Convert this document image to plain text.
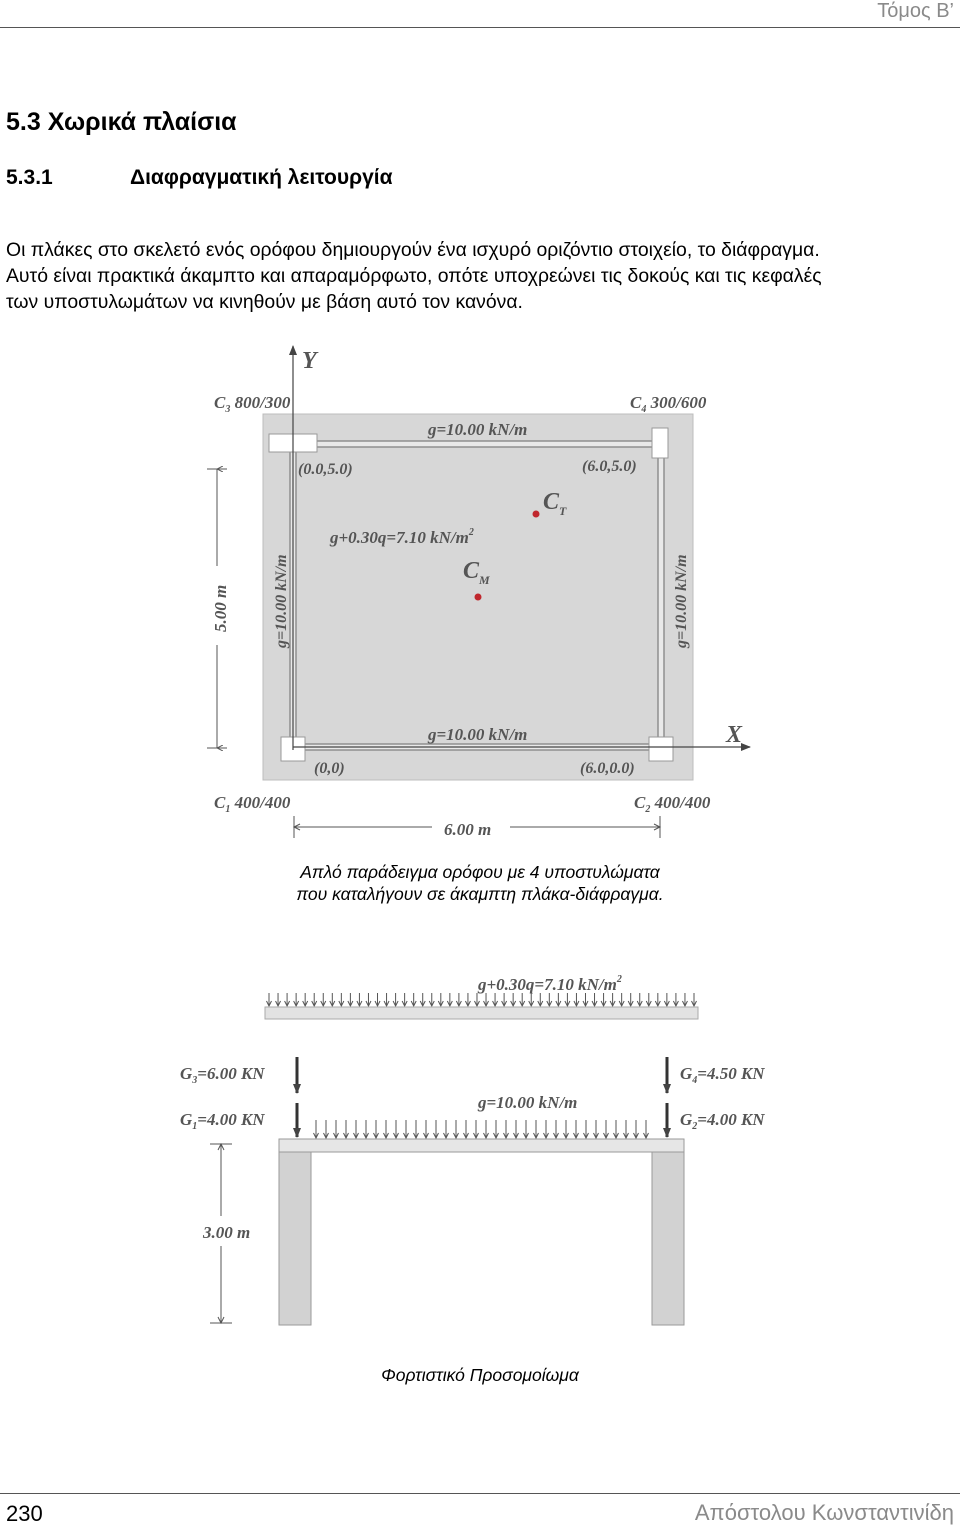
Τόμος Β’
5.3 Χωρικά πλαίσια
5.3.1	Διαφραγματική λειτουργία
Οι πλάκες στο σκελετό ενός ορόφου δημιουργούν ένα ισχυρό οριζόντιο στοιχείο, το διάφραγμα.
Αυτό είναι πρακτικά άκαμπτο και απαραμόρφωτο, οπότε υποχρεώνει τις δοκούς και τις κεφαλές
των υποστυλωμάτων να κινηθούν με βάση αυτό τον κανόνα.
Y
X
$C_3$ 800/300	$C_4$ 300/600
$C_1$ 400/400	$C_2$ 400/400
g=10.00 kN/m
g=10.00 kN/m
g=10.00 kN/m	g=10.00 kN/m
(0.0,5.0)	(6.0,5.0)
(0,0)	(6.0,0.0)
g+0.30q=7.10 $kN/m^2$
$C_T$
$C_M$
5.00 m
6.00 m
g+0.30q=7.10 $kN/m^2$
g=10.00 kN/m
$G_3=6.00$ KN
$G_1=4.00$ KN
$G_4=4.50$ KN
$G_2=4.00$ KN
3.00 m
Απλό παράδειγμα ορόφου με 4 υποστυλώματα
που καταλήγουν σε άκαμπτη πλάκα-διάφραγμα.
Φορτιστικό Προσομοίωμα
230	Απόστολου Κωνσταντινίδη
